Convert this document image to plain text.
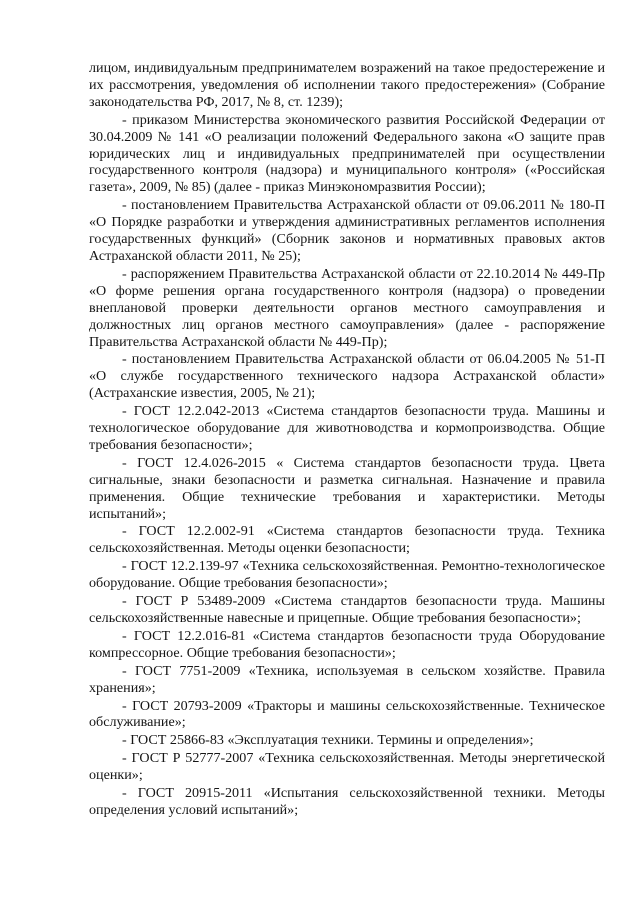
лицом, индивидуальным предпринимателем возражений на такое предостережение и их рассмотрения, уведомления об исполнении такого предостережения» (Собрание законодательства РФ, 2017, № 8, ст. 1239);

- приказом Министерства экономического развития Российской Федерации от 30.04.2009 № 141 «О реализации положений Федерального закона «О защите прав юридических лиц и индивидуальных предпринимателей при осуществлении государственного контроля (надзора) и муниципального контроля» («Российская газета», 2009, № 85) (далее - приказ Минэкономразвития России);

- постановлением Правительства Астраханской области от 09.06.2011 № 180-П «О Порядке разработки и утверждения административных регламентов исполнения государственных функций» (Сборник законов и нормативных правовых актов Астраханской области 2011, № 25);

- распоряжением Правительства Астраханской области от 22.10.2014 № 449-Пр «О форме решения органа государственного контроля (надзора) о проведении внеплановой проверки деятельности органов местного самоуправления и должностных лиц органов местного самоуправления» (далее - распоряжение Правительства Астраханской области № 449-Пр);

- постановлением Правительства Астраханской области от 06.04.2005 № 51-П «О службе государственного технического надзора Астраханской области» (Астраханские известия, 2005, № 21);

- ГОСТ 12.2.042-2013 «Система стандартов безопасности труда. Машины и технологическое оборудование для животноводства и кормопроизводства. Общие требования безопасности»;

- ГОСТ 12.4.026-2015 « Система стандартов безопасности труда. Цвета сигнальные, знаки безопасности и разметка сигнальная. Назначение и правила применения. Общие технические требования и характеристики. Методы испытаний»;

- ГОСТ 12.2.002-91 «Система стандартов безопасности труда. Техника сельскохозяйственная. Методы оценки безопасности;

- ГОСТ 12.2.139-97 «Техника сельскохозяйственная. Ремонтно-технологическое оборудование. Общие требования безопасности»;

- ГОСТ Р 53489-2009 «Система стандартов безопасности труда. Машины сельскохозяйственные навесные и прицепные. Общие требования безопасности»;

- ГОСТ 12.2.016-81 «Система стандартов безопасности труда Оборудование компрессорное. Общие требования безопасности»;

- ГОСТ 7751-2009 «Техника, используемая в сельском хозяйстве. Правила хранения»;

- ГОСТ 20793-2009 «Тракторы и машины сельскохозяйственные. Техническое обслуживание»;

- ГОСТ 25866-83 «Эксплуатация техники. Термины и определения»;

- ГОСТ Р 52777-2007 «Техника сельскохозяйственная. Методы энергетической оценки»;

- ГОСТ 20915-2011 «Испытания сельскохозяйственной техники. Методы определения условий испытаний»;
